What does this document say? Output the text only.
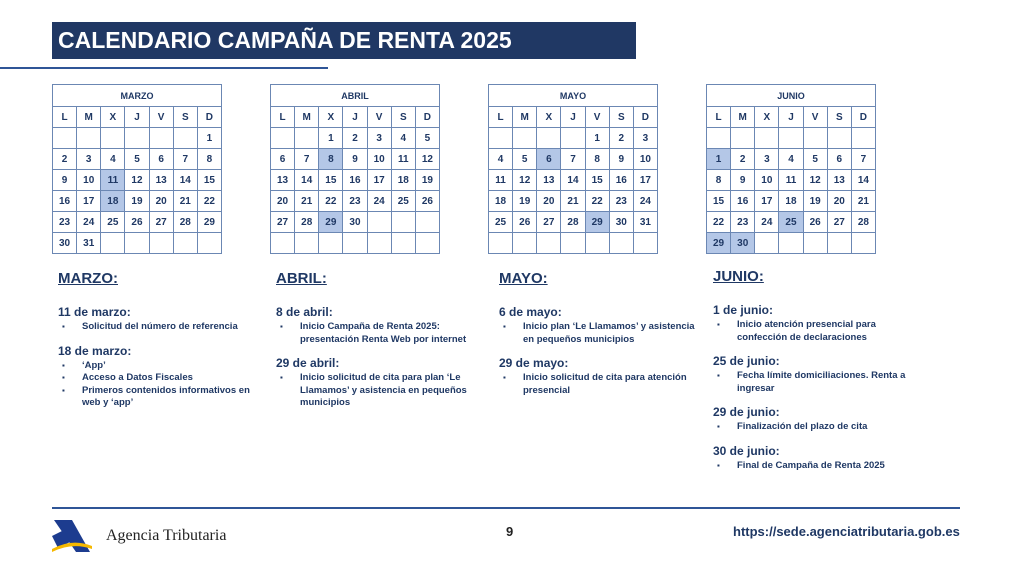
CALENDARIO CAMPAÑA DE RENTA 2025
MARZO						
L	M	X	J	V	S	D
						1
2	3	4	5	6	7	8
9	10	11	12	13	14	15
16	17	18	19	20	21	22
23	24	25	26	27	28	29
30	31					
ABRIL						
L	M	X	J	V	S	D
		1	2	3	4	5
6	7	8	9	10	11	12
13	14	15	16	17	18	19
20	21	22	23	24	25	26
27	28	29	30			

MAYO						
L	M	X	J	V	S	D
				1	2	3
4	5	6	7	8	9	10
11	12	13	14	15	16	17
18	19	20	21	22	23	24
25	26	27	28	29	30	31

JUNIO						
L	M	X	J	V	S	D

1	2	3	4	5	6	7
8	9	10	11	12	13	14
15	16	17	18	19	20	21
22	23	24	25	26	27	28
29	30					
MARZO:
11 de marzo:
▪ Solicitud del número de referencia
18 de marzo:
▪ ‘App’
▪ Acceso a Datos Fiscales
▪ Primeros contenidos informativos en web y ‘app’
ABRIL:
8 de abril:
▪ Inicio Campaña de Renta 2025: presentación Renta Web por internet
29 de abril:
▪ Inicio solicitud de cita para plan ‘Le Llamamos’ y asistencia en pequeños municipios
MAYO:
6 de mayo:
▪ Inicio plan ‘Le Llamamos’ y asistencia en pequeños municipios
29 de mayo:
▪ Inicio solicitud de cita para atención presencial
JUNIO:
1 de junio:
▪ Inicio atención presencial para confección de declaraciones
25 de junio:
▪ Fecha límite domiciliaciones. Renta a ingresar
29 de junio:
▪ Finalización del plazo de cita
30 de junio:
▪ Final de Campaña de Renta 2025
Agencia Tributaria	9	https://sede.agenciatributaria.gob.es
